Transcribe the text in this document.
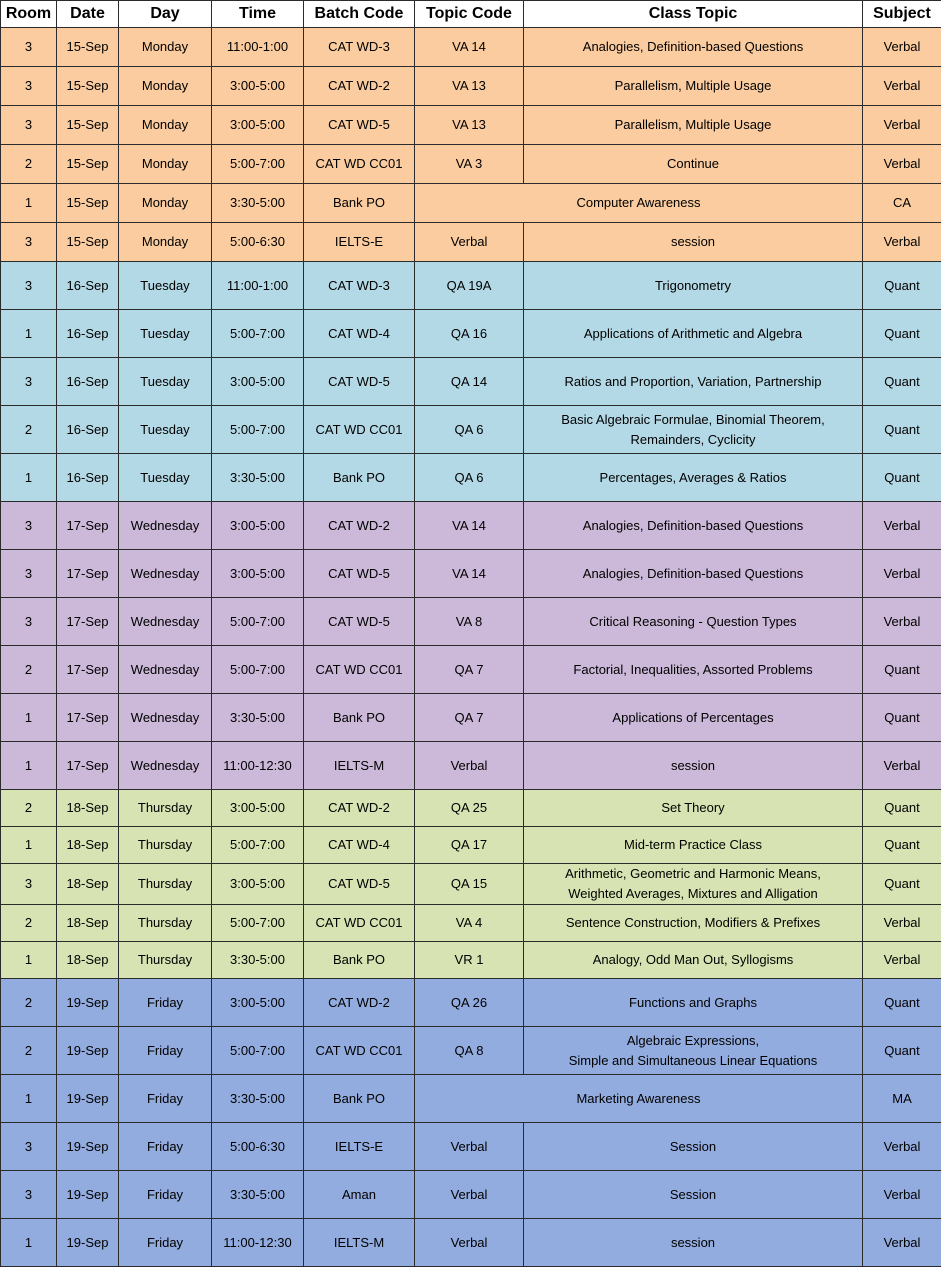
Room	Date	Day	Time	Batch Code	Topic Code	Class Topic	Subject
3	15-Sep	Monday	11:00-1:00	CAT WD-3	VA 14	Analogies, Definition-based Questions	Verbal
3	15-Sep	Monday	3:00-5:00	CAT WD-2	VA 13	Parallelism, Multiple Usage	Verbal
3	15-Sep	Monday	3:00-5:00	CAT WD-5	VA 13	Parallelism, Multiple Usage	Verbal
2	15-Sep	Monday	5:00-7:00	CAT WD CC01	VA 3	Continue	Verbal
1	15-Sep	Monday	3:30-5:00	Bank PO	Computer Awareness		CA
3	15-Sep	Monday	5:00-6:30	IELTS-E	Verbal	session	Verbal
3	16-Sep	Tuesday	11:00-1:00	CAT WD-3	QA 19A	Trigonometry	Quant
1	16-Sep	Tuesday	5:00-7:00	CAT WD-4	QA 16	Applications of Arithmetic and Algebra	Quant
3	16-Sep	Tuesday	3:00-5:00	CAT WD-5	QA 14	Ratios and Proportion, Variation, Partnership	Quant
2	16-Sep	Tuesday	5:00-7:00	CAT WD CC01	QA 6	Basic Algebraic Formulae, Binomial Theorem,
Remainders, Cyclicity	Quant
1	16-Sep	Tuesday	3:30-5:00	Bank PO	QA 6	Percentages, Averages & Ratios	Quant
3	17-Sep	Wednesday	3:00-5:00	CAT WD-2	VA 14	Analogies, Definition-based Questions	Verbal
3	17-Sep	Wednesday	3:00-5:00	CAT WD-5	VA 14	Analogies, Definition-based Questions	Verbal
3	17-Sep	Wednesday	5:00-7:00	CAT WD-5	VA 8	Critical Reasoning - Question Types	Verbal
2	17-Sep	Wednesday	5:00-7:00	CAT WD CC01	QA 7	Factorial, Inequalities, Assorted Problems	Quant
1	17-Sep	Wednesday	3:30-5:00	Bank PO	QA 7	Applications of Percentages	Quant
1	17-Sep	Wednesday	11:00-12:30	IELTS-M	Verbal	session	Verbal
2	18-Sep	Thursday	3:00-5:00	CAT WD-2	QA 25	Set Theory	Quant
1	18-Sep	Thursday	5:00-7:00	CAT WD-4	QA 17	Mid-term Practice Class	Quant
3	18-Sep	Thursday	3:00-5:00	CAT WD-5	QA 15	Arithmetic, Geometric and Harmonic Means,
Weighted Averages, Mixtures and Alligation	Quant
2	18-Sep	Thursday	5:00-7:00	CAT WD CC01	VA 4	Sentence Construction, Modifiers & Prefixes	Verbal
1	18-Sep	Thursday	3:30-5:00	Bank PO	VR 1	Analogy, Odd Man Out, Syllogisms	Verbal
2	19-Sep	Friday	3:00-5:00	CAT WD-2	QA 26	Functions and Graphs	Quant
2	19-Sep	Friday	5:00-7:00	CAT WD CC01	QA 8	Algebraic Expressions,
Simple and Simultaneous Linear Equations	Quant
1	19-Sep	Friday	3:30-5:00	Bank PO	Marketing Awareness		MA
3	19-Sep	Friday	5:00-6:30	IELTS-E	Verbal	Session	Verbal
3	19-Sep	Friday	3:30-5:00	Aman	Verbal	Session	Verbal
1	19-Sep	Friday	11:00-12:30	IELTS-M	Verbal	session	Verbal
